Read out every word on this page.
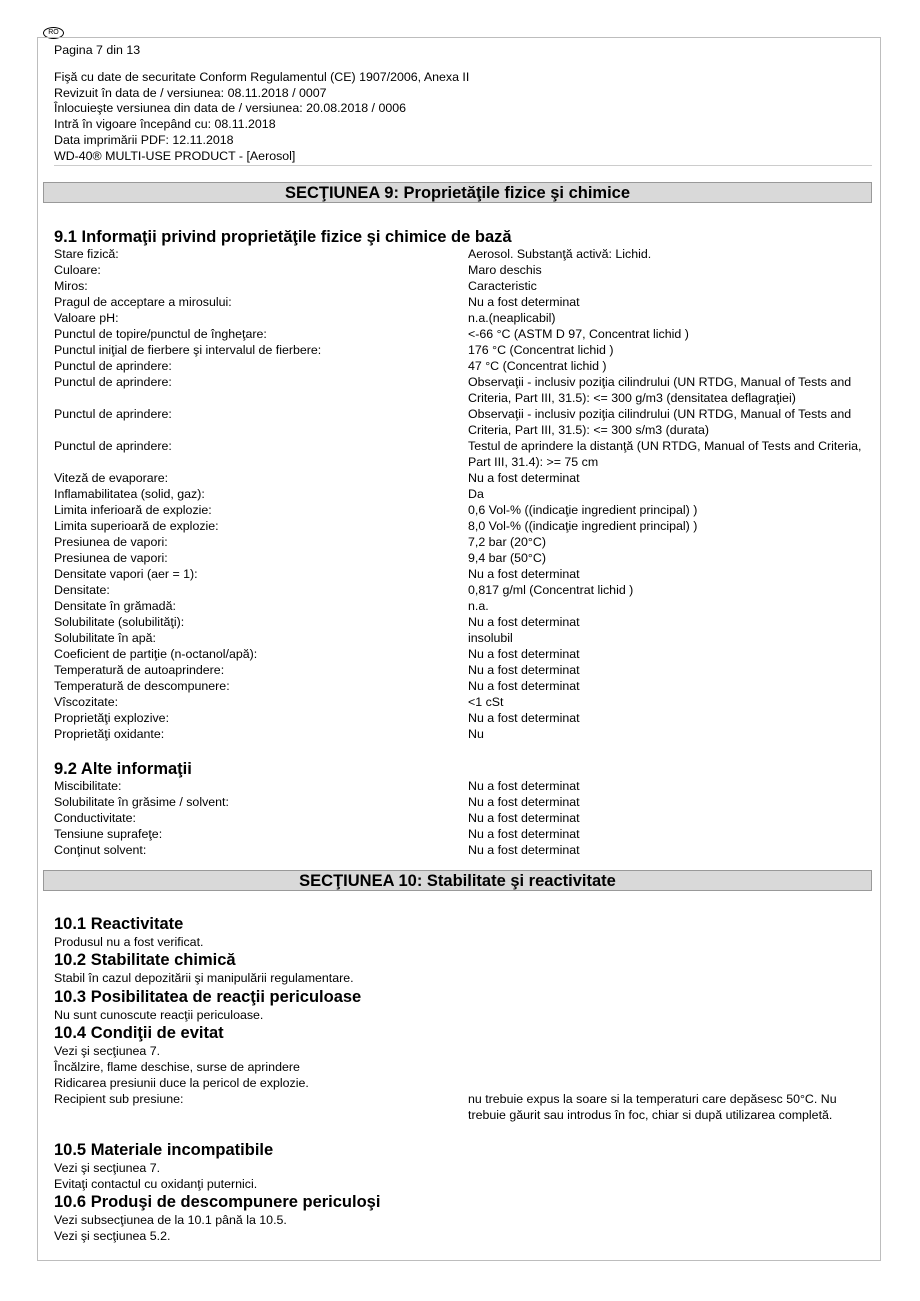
RO
Pagina 7 din 13
Fişă cu date de securitate Conform Regulamentul (CE) 1907/2006, Anexa II
Revizuit în data de / versiunea: 08.11.2018 / 0007
Înlocuieşte versiunea din data de / versiunea: 20.08.2018 / 0006
Intră în vigoare începând cu: 08.11.2018
Data imprimării PDF: 12.11.2018
WD-40® MULTI-USE PRODUCT - [Aerosol]
SECŢIUNEA 9: Proprietăţile fizice şi chimice
9.1 Informaţii privind proprietăţile fizice şi chimice de bază
Stare fizică:	Aerosol. Substanţă activă: Lichid.
Culoare:	Maro deschis
Miros:	Caracteristic
Pragul de acceptare a mirosului:	Nu a fost determinat
Valoare pH:	n.a.(neaplicabil)
Punctul de topire/punctul de îngheţare:	<-66 °C (ASTM D 97, Concentrat lichid )
Punctul iniţial de fierbere şi intervalul de fierbere:	176 °C (Concentrat lichid )
Punctul de aprindere:	47 °C (Concentrat lichid )
Punctul de aprindere:	Observaţii - inclusiv poziţia cilindrului (UN RTDG, Manual of Tests and Criteria, Part III, 31.5): <= 300 g/m3 (densitatea deflagraţiei)
Punctul de aprindere:	Observaţii - inclusiv poziţia cilindrului (UN RTDG, Manual of Tests and Criteria, Part III, 31.5): <= 300 s/m3 (durata)
Punctul de aprindere:	Testul de aprindere la distanţă (UN RTDG, Manual of Tests and Criteria, Part III, 31.4): >= 75 cm
Viteză de evaporare:	Nu a fost determinat
Inflamabilitatea (solid, gaz):	Da
Limita inferioară de explozie:	0,6 Vol-% ((indicaţie ingredient principal) )
Limita superioară de explozie:	8,0 Vol-% ((indicaţie ingredient principal) )
Presiunea de vapori:	7,2 bar (20°C)
Presiunea de vapori:	9,4 bar (50°C)
Densitate vapori (aer = 1):	Nu a fost determinat
Densitate:	0,817 g/ml (Concentrat lichid )
Densitate în grămadă:	n.a.
Solubilitate (solubilităţi):	Nu a fost determinat
Solubilitate în apă:	insolubil
Coeficient de partiţie (n-octanol/apă):	Nu a fost determinat
Temperatură de autoaprindere:	Nu a fost determinat
Temperatură de descompunere:	Nu a fost determinat
Vîscozitate:	<1 cSt
Proprietăţi explozive:	Nu a fost determinat
Proprietăţi oxidante:	Nu
9.2 Alte informaţii
Miscibilitate:	Nu a fost determinat
Solubilitate în grăsime / solvent:	Nu a fost determinat
Conductivitate:	Nu a fost determinat
Tensiune suprafeţe:	Nu a fost determinat
Conţinut solvent:	Nu a fost determinat
SECŢIUNEA 10: Stabilitate şi reactivitate
10.1 Reactivitate
Produsul nu a fost verificat.
10.2 Stabilitate chimică
Stabil în cazul depozitării şi manipulării regulamentare.
10.3 Posibilitatea de reacţii periculoase
Nu sunt cunoscute reacţii periculoase.
10.4 Condiţii de evitat
Vezi şi secţiunea 7.
Încălzire, flame deschise, surse de aprindere
Ridicarea presiunii duce la pericol de explozie.
Recipient sub presiune:	nu trebuie expus la soare si la temperaturi care depăsesc 50°C. Nu trebuie găurit sau introdus în foc, chiar si după utilizarea completă.
10.5 Materiale incompatibile
Vezi şi secţiunea 7.
Evitaţi contactul cu oxidanţi puternici.
10.6 Produşi de descompunere periculoşi
Vezi subsecţiunea de la 10.1 până la 10.5.
Vezi şi secţiunea 5.2.
